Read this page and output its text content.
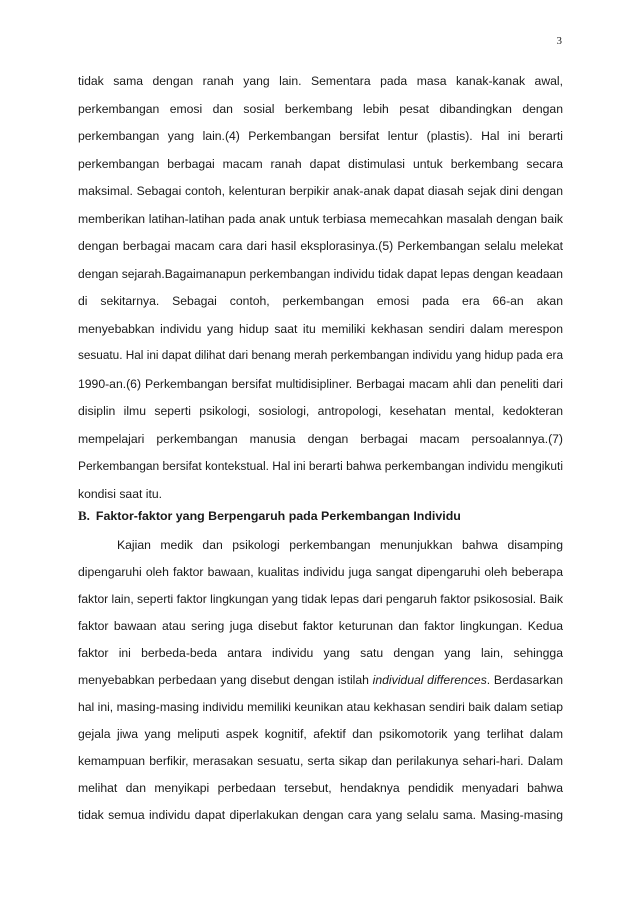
3
tidak sama dengan ranah yang lain. Sementara pada masa kanak-kanak awal,
perkembangan emosi dan sosial berkembang lebih pesat dibandingkan dengan
perkembangan yang lain.(4) Perkembangan bersifat lentur (plastis). Hal ini berarti
perkembangan berbagai macam ranah dapat distimulasi untuk berkembang secara
maksimal. Sebagai contoh, kelenturan berpikir anak-anak dapat diasah sejak dini dengan
memberikan latihan-latihan pada anak untuk terbiasa memecahkan masalah dengan baik
dengan berbagai macam cara dari hasil eksplorasinya.(5) Perkembangan selalu melekat
dengan sejarah.Bagaimanapun perkembangan individu tidak dapat lepas dengan keadaan
di sekitarnya. Sebagai contoh, perkembangan emosi pada era 66-an akan
menyebabkan individu yang hidup saat itu memiliki kekhasan sendiri dalam merespon
sesuatu. Hal ini dapat dilihat dari benang merah perkembangan individu yang hidup pada era
1990-an.(6) Perkembangan bersifat multidisipliner. Berbagai macam ahli dan peneliti dari
disiplin ilmu seperti psikologi, sosiologi, antropologi, kesehatan mental, kedokteran
mempelajari perkembangan manusia dengan berbagai macam persoalannya.(7)
Perkembangan bersifat kontekstual. Hal ini berarti bahwa perkembangan individu mengikuti
kondisi saat itu.
B. Faktor-faktor yang Berpengaruh pada Perkembangan Individu
Kajian medik dan psikologi perkembangan menunjukkan bahwa disamping
dipengaruhi oleh faktor bawaan, kualitas individu juga sangat dipengaruhi oleh beberapa
faktor lain, seperti faktor lingkungan yang tidak lepas dari pengaruh faktor psikososial. Baik
faktor bawaan atau sering juga disebut faktor keturunan dan faktor lingkungan. Kedua
faktor ini berbeda-beda antara individu yang satu dengan yang lain, sehingga
menyebabkan perbedaan yang disebut dengan istilah individual differences. Berdasarkan
hal ini, masing-masing individu memiliki keunikan atau kekhasan sendiri baik dalam setiap
gejala jiwa yang meliputi aspek kognitif, afektif dan psikomotorik yang terlihat dalam
kemampuan berfikir, merasakan sesuatu, serta sikap dan perilakunya sehari-hari. Dalam
melihat dan menyikapi perbedaan tersebut, hendaknya pendidik menyadari bahwa
tidak semua individu dapat diperlakukan dengan cara yang selalu sama. Masing-masing
